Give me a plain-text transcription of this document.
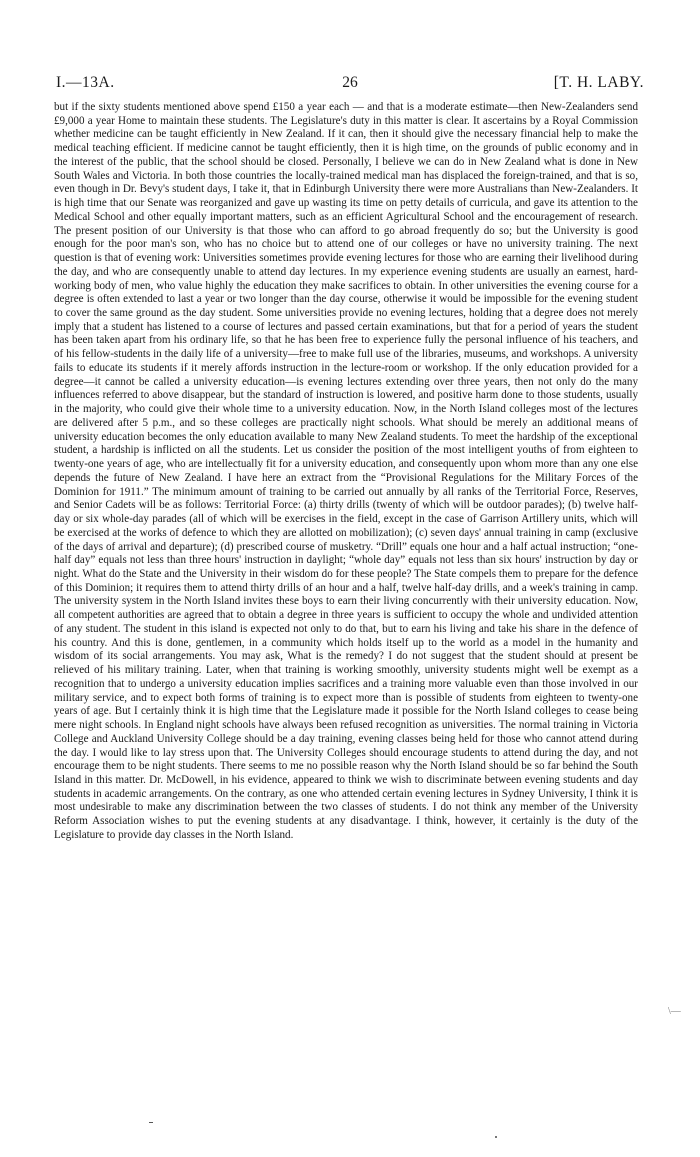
I.—13A.	26	[T. H. LABY.

but if the sixty students mentioned above spend £150 a year each — and that is a moderate estimate—then New-Zealanders send £9,000 a year Home to maintain these students. The Legislature's duty in this matter is clear. It ascertains by a Royal Commission whether medicine can be taught efficiently in New Zealand. If it can, then it should give the necessary financial help to make the medical teaching efficient. If medicine cannot be taught efficiently, then it is high time, on the grounds of public economy and in the interest of the public, that the school should be closed. Personally, I believe we can do in New Zealand what is done in New South Wales and Victoria. In both those countries the locally-trained medical man has displaced the foreign-trained, and that is so, even though in Dr. Bevy's student days, I take it, that in Edinburgh University there were more Australians than New-Zealanders. It is high time that our Senate was reorganized and gave up wasting its time on petty details of curricula, and gave its attention to the Medical School and other equally important matters, such as an efficient Agricultural School and the encouragement of research. The present position of our University is that those who can afford to go abroad frequently do so; but the University is good enough for the poor man's son, who has no choice but to attend one of our colleges or have no university training. The next question is that of evening work: Universities sometimes provide evening lectures for those who are earning their livelihood during the day, and who are consequently unable to attend day lectures. In my experience evening students are usually an earnest, hard-working body of men, who value highly the education they make sacrifices to obtain. In other universities the evening course for a degree is often extended to last a year or two longer than the day course, otherwise it would be impossible for the evening student to cover the same ground as the day student. Some universities provide no evening lectures, holding that a degree does not merely imply that a student has listened to a course of lectures and passed certain examinations, but that for a period of years the student has been taken apart from his ordinary life, so that he has been free to experience fully the personal influence of his teachers, and of his fellow-students in the daily life of a university—free to make full use of the libraries, museums, and workshops. A university fails to educate its students if it merely affords instruction in the lecture-room or workshop. If the only education provided for a degree—it cannot be called a university education—is evening lectures extending over three years, then not only do the many influences referred to above disappear, but the standard of instruction is lowered, and positive harm done to those students, usually in the majority, who could give their whole time to a university education. Now, in the North Island colleges most of the lectures are delivered after 5 p.m., and so these colleges are practically night schools. What should be merely an additional means of university education becomes the only education available to many New Zealand students. To meet the hardship of the exceptional student, a hardship is inflicted on all the students. Let us consider the position of the most intelligent youths of from eighteen to twenty-one years of age, who are intellectually fit for a university education, and consequently upon whom more than any one else depends the future of New Zealand. I have here an extract from the “Provisional Regulations for the Military Forces of the Dominion for 1911.” The minimum amount of training to be carried out annually by all ranks of the Territorial Force, Reserves, and Senior Cadets will be as follows: Territorial Force: (a) thirty drills (twenty of which will be outdoor parades); (b) twelve half-day or six whole-day parades (all of which will be exercises in the field, except in the case of Garrison Artillery units, which will be exercised at the works of defence to which they are allotted on mobilization); (c) seven days' annual training in camp (exclusive of the days of arrival and departure); (d) prescribed course of musketry. “Drill” equals one hour and a half actual instruction; “one-half day” equals not less than three hours' instruction in daylight; “whole day” equals not less than six hours' instruction by day or night. What do the State and the University in their wisdom do for these people? The State compels them to prepare for the defence of this Dominion; it requires them to attend thirty drills of an hour and a half, twelve half-day drills, and a week's training in camp. The university system in the North Island invites these boys to earn their living concurrently with their university education. Now, all competent authorities are agreed that to obtain a degree in three years is sufficient to occupy the whole and undivided attention of any student. The student in this island is expected not only to do that, but to earn his living and take his share in the defence of his country. And this is done, gentlemen, in a community which holds itself up to the world as a model in the humanity and wisdom of its social arrangements. You may ask, What is the remedy? I do not suggest that the student should at present be relieved of his military training. Later, when that training is working smoothly, university students might well be exempt as a recognition that to undergo a university education implies sacrifices and a training more valuable even than those involved in our military service, and to expect both forms of training is to expect more than is possible of students from eighteen to twenty-one years of age. But I certainly think it is high time that the Legislature made it possible for the North Island colleges to cease being mere night schools. In England night schools have always been refused recognition as universities. The normal training in Victoria College and Auckland University College should be a day training, evening classes being held for those who cannot attend during the day. I would like to lay stress upon that. The University Colleges should encourage students to attend during the day, and not encourage them to be night students. There seems to me no possible reason why the North Island should be so far behind the South Island in this matter. Dr. McDowell, in his evidence, appeared to think we wish to discriminate between evening students and day students in academic arrangements. On the contrary, as one who attended certain evening lectures in Sydney University, I think it is most undesirable to make any discrimination between the two classes of students. I do not think any member of the University Reform Association wishes to put the evening students at any disadvantage. I think, however, it certainly is the duty of the Legislature to provide day classes in the North Island.

\—
